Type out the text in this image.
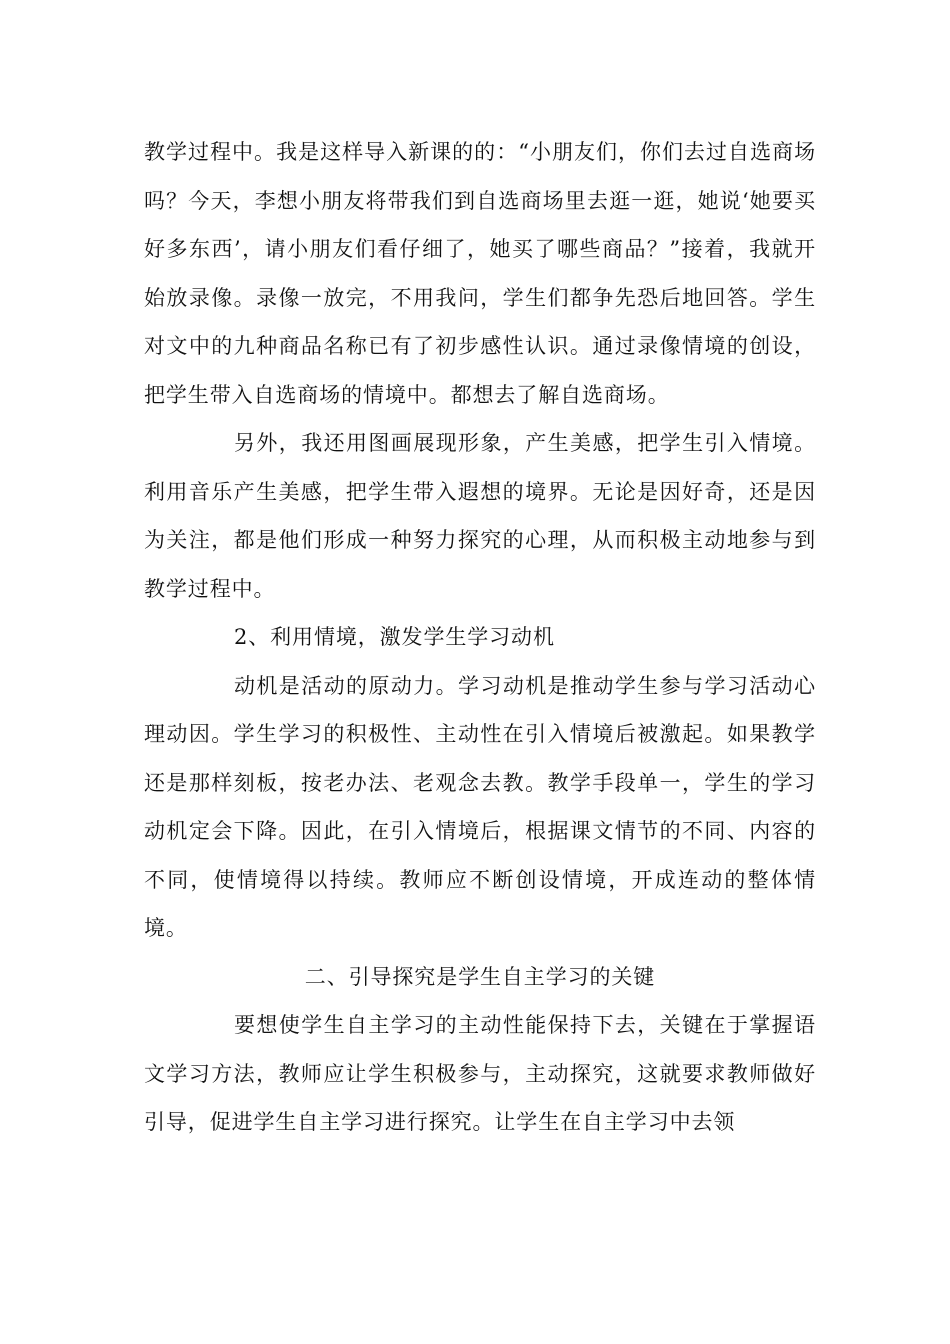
教学过程中。我是这样导入新课的的：“小朋友们，你们去过自选商场吗？今天，李想小朋友将带我们到自选商场里去逛一逛，她说‘她要买好多东西’，请小朋友们看仔细了，她买了哪些商品？”接着，我就开始放录像。录像一放完，不用我问，学生们都争先恐后地回答。学生对文中的九种商品名称已有了初步感性认识。通过录像情境的创设，把学生带入自选商场的情境中。都想去了解自选商场。

另外，我还用图画展现形象，产生美感，把学生引入情境。利用音乐产生美感，把学生带入遐想的境界。无论是因好奇，还是因为关注，都是他们形成一种努力探究的心理，从而积极主动地参与到教学过程中。

2、利用情境，激发学生学习动机

动机是活动的原动力。学习动机是推动学生参与学习活动心理动因。学生学习的积极性、主动性在引入情境后被激起。如果教学还是那样刻板，按老办法、老观念去教。教学手段单一，学生的学习动机定会下降。因此，在引入情境后，根据课文情节的不同、内容的不同，使情境得以持续。教师应不断创设情境，开成连动的整体情境。

二、引导探究是学生自主学习的关键

要想使学生自主学习的主动性能保持下去，关键在于掌握语文学习方法，教师应让学生积极参与，主动探究，这就要求教师做好引导，促进学生自主学习进行探究。让学生在自主学习中去领
